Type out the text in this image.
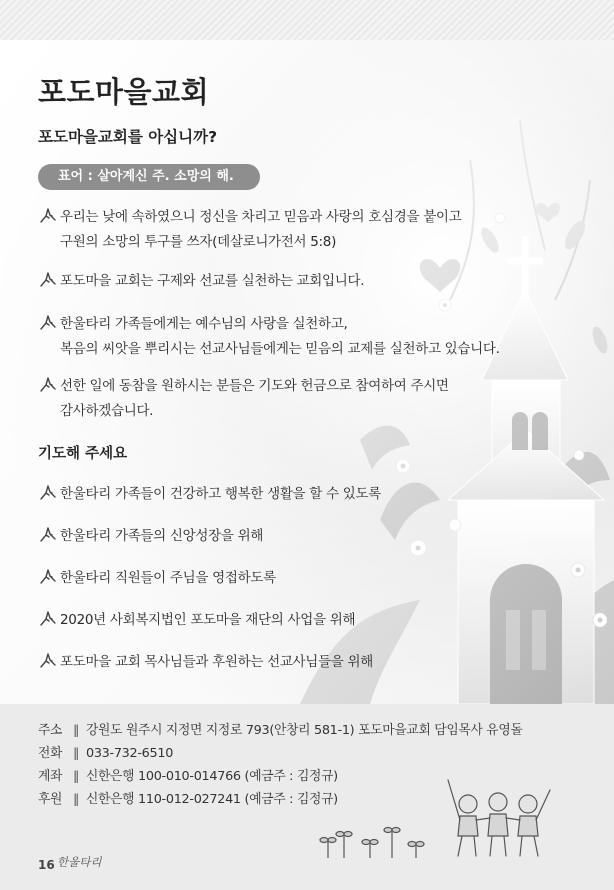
포도마을교회
포도마을교회를 아십니까?
표어 : 살아계신 주. 소망의 해.
우리는 낮에 속하였으니 정신을 차리고 믿음과 사랑의 호심경을 붙이고
구원의 소망의 투구를 쓰자(데살로니가전서 5:8)
포도마을 교회는 구제와 선교를 실천하는 교회입니다.
한울타리 가족들에게는 예수님의 사랑을 실천하고,
복음의 씨앗을 뿌리시는 선교사님들에게는 믿음의 교제를 실천하고 있습니다.
선한 일에 동참을 원하시는 분들은 기도와 헌금으로 참여하여 주시면
감사하겠습니다.
기도해 주세요
한울타리 가족들이 건강하고 행복한 생활을 할 수 있도록
한울타리 가족들의 신앙성장을 위해
한울타리 직원들이 주님을 영접하도록
2020년 사회복지법인 포도마을 재단의 사업을 위해
포도마을 교회 목사님들과 후원하는 선교사님들을 위해
주소 ‖ 강원도 원주시 지정면 지정로 793(안창리 581-1) 포도마을교회 담임목사 유영돌
전화 ‖ 033-732-6510
계좌 ‖ 신한은행 100-010-014766 (예금주 : 김정규)
후원 ‖ 신한은행 110-012-027241 (예금주 : 김정규)
16 한울타리
